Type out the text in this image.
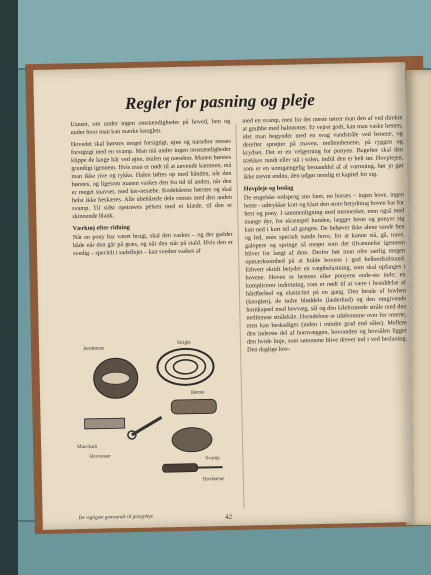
Regler for pasning og pleje

Uanset, om under ingen omstændigheder på hoved, hen og under hvor man kan mærke knoglen.

Hovedet skal børstes meget forsigtigt, øjne og næsebor renses forsigtigt med en svamp. Man må under ingen omstændigheder klippe de lange hår ved øjne, mulen og næsebor. Manen børstes grundigt igennem. Hvis man er nødt til at anvende kammen, må man ikke rive og rykke. Halen løftes op med hånden, når den børstes, og ligesom manen vaskes den fra tid til anden, når den er meget snavset, med ker-nesæbe. Kodehårene børstes og skal helst ikke beskæres. Alle ubehårede dele renses med den anden svamp. Til sidst opstrøves pelsen med et klæde, til den er skinnende blank.

Værktøj efter ridning

Når en pony har været brugt, skal den vaskes – og der gælder både når den går på græs, og når den står på stald. Hvis den er svedig – specielt i sadellejet – kan sveden vaskes af

Jernbørste
Strigle
Børste
Man-kam
Hovrenser	Svamp
Hovbørste
De vigtigste genstande til ponypleje.

med en svamp, men for det meste tørrer man den af ved direkte at gnubbe med halmtotter. Er vejret godt, kan man vaske hesten, idet man begynder med en svag vandstråle ved benene, og derefter sprøjter på maven, mellembenene, på ryggen og krydset. Det er en velgerning for ponyen. Bagefter skal den trækkes rundt eller stå i solen, indtil den er helt tør. Hovplejen, som er en uomgængelig bestanddel af al varmning, hør jo gøt ikke nævnt endnu, den udgør nemlig et kapitel for sig.

Hovpleje og beslag

De engelske ordsprog sno fæet, no horses – ingen hove, ingen heste - udtrykker kort og klart den store betydning hoven har for hest og pony. I sammenligning med mennesker, men også med mange dyr, for eksempel hunden, lægger heste og ponyer sig kun ned i kort tid ad gangen. De behøver ikke alene sunde ben og led, men specielt sunde hove, for at kunne stå, gå, trave, galopere og springe så meget som det tilvænnelse igennem bliver for langt af dem. Derfor bør man ofre særlig megen opmærksomhed på at holde hovene i god helbredstilstand. Ethvert skridt betyder en vægtbelastning, som skal opfanges i hovene. Hoven er hestens eller ponyens ende-ste inde; en komplicerer indretning, som er nødt til at være i besiddelse af hårdførhed og elasticitet på en gang. Den består af hovben (knoglen), de indre bløddele (læderhud) og den omgivende hornkapsel med hovvæg, sål og den kileformede stråle med den mellemste strålekile. Horndelene er ufølsomme over for smerte, men kan beskadiges (inden i mindre grad end såler). Mellem den inderste del af hornvæggen, hovranden og hovsålen ligger den hvide linje, som sømmene blive drevet ind i ved beslaning. Den daglige hov-

42
